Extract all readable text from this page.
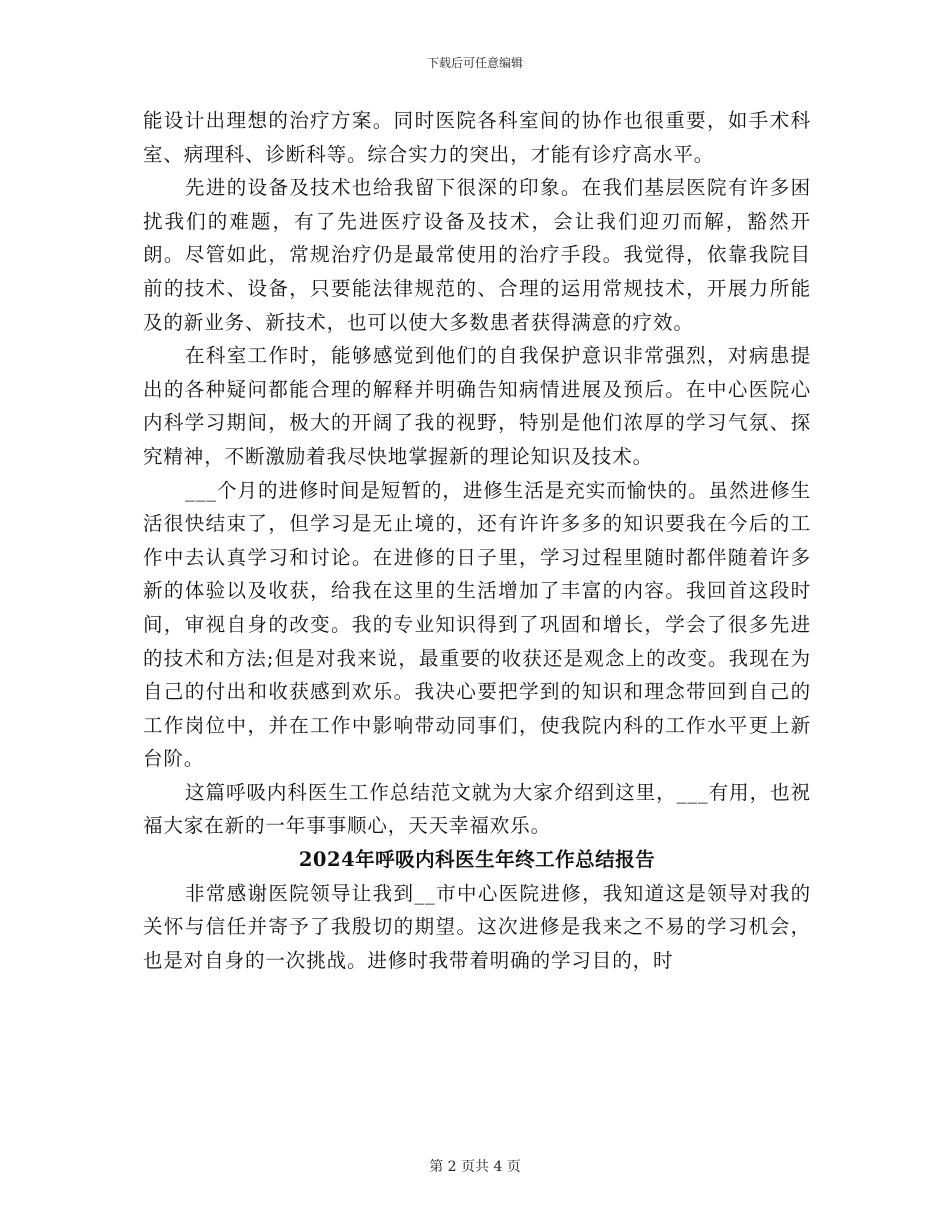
下载后可任意编辑

能设计出理想的治疗方案。同时医院各科室间的协作也很重要，如手术科室、病理科、诊断科等。综合实力的突出，才能有诊疗高水平。

先进的设备及技术也给我留下很深的印象。在我们基层医院有许多困扰我们的难题，有了先进医疗设备及技术，会让我们迎刃而解，豁然开朗。尽管如此，常规治疗仍是最常使用的治疗手段。我觉得，依靠我院目前的技术、设备，只要能法律规范的、合理的运用常规技术，开展力所能及的新业务、新技术，也可以使大多数患者获得满意的疗效。

在科室工作时，能够感觉到他们的自我保护意识非常强烈，对病患提出的各种疑问都能合理的解释并明确告知病情进展及预后。在中心医院心内科学习期间，极大的开阔了我的视野，特别是他们浓厚的学习气氛、探究精神，不断激励着我尽快地掌握新的理论知识及技术。

___个月的进修时间是短暂的，进修生活是充实而愉快的。虽然进修生活很快结束了，但学习是无止境的，还有许许多多的知识要我在今后的工作中去认真学习和讨论。在进修的日子里，学习过程里随时都伴随着许多新的体验以及收获，给我在这里的生活增加了丰富的内容。我回首这段时间，审视自身的改变。我的专业知识得到了巩固和增长，学会了很多先进的技术和方法;但是对我来说，最重要的收获还是观念上的改变。我现在为自己的付出和收获感到欢乐。我决心要把学到的知识和理念带回到自己的工作岗位中，并在工作中影响带动同事们，使我院内科的工作水平更上新台阶。

这篇呼吸内科医生工作总结范文就为大家介绍到这里，___有用，也祝福大家在新的一年事事顺心，天天幸福欢乐。

2024年呼吸内科医生年终工作总结报告

非常感谢医院领导让我到__市中心医院进修，我知道这是领导对我的关怀与信任并寄予了我殷切的期望。这次进修是我来之不易的学习机会，也是对自身的一次挑战。进修时我带着明确的学习目的，时

第 2 页共 4 页
